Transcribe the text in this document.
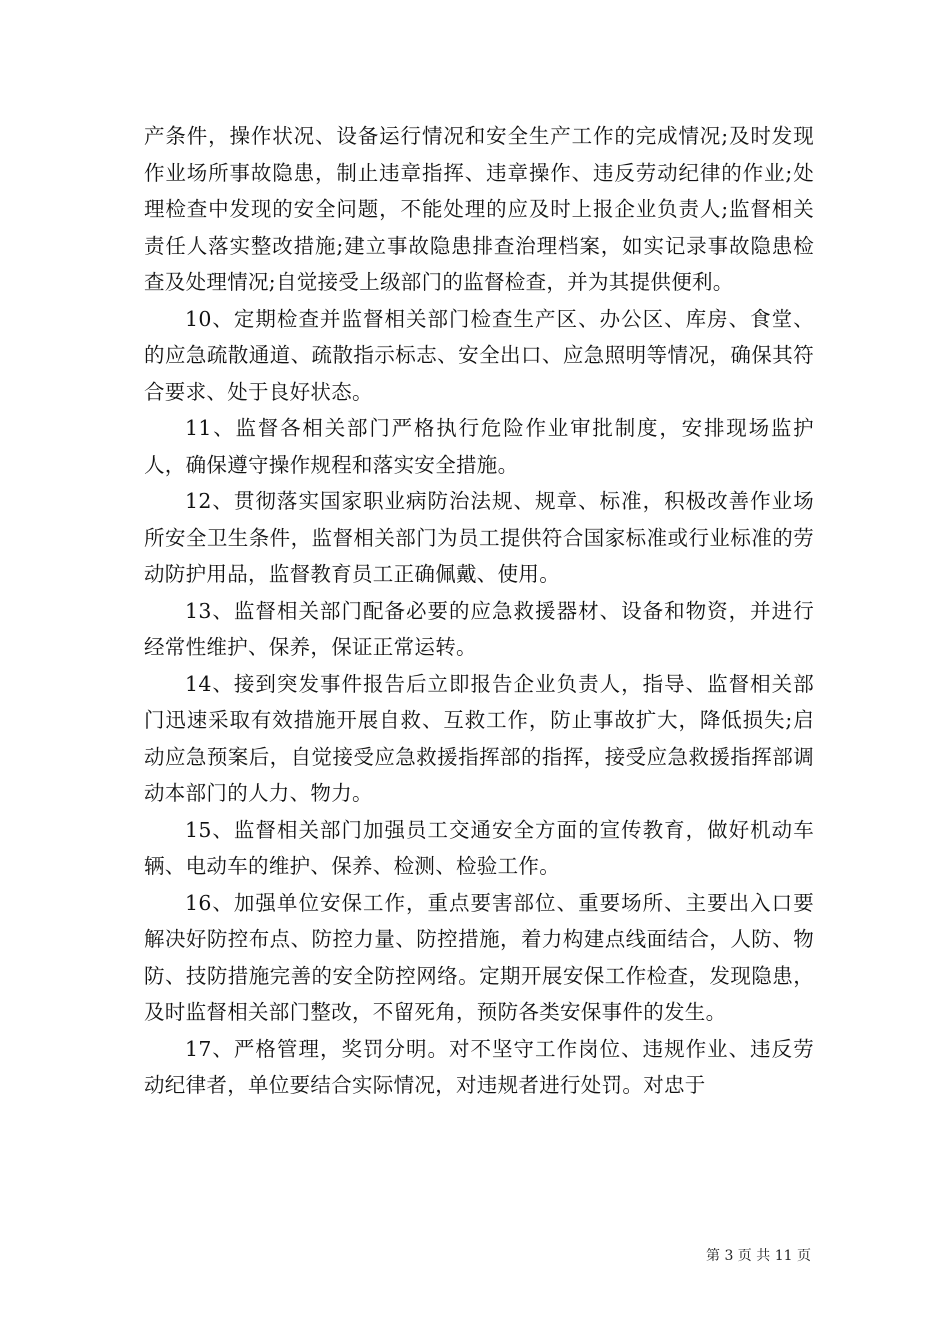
产条件，操作状况、设备运行情况和安全生产工作的完成情况;及时发现作业场所事故隐患，制止违章指挥、违章操作、违反劳动纪律的作业;处理检查中发现的安全问题，不能处理的应及时上报企业负责人;监督相关责任人落实整改措施;建立事故隐患排查治理档案，如实记录事故隐患检查及处理情况;自觉接受上级部门的监督检查，并为其提供便利。

10、定期检查并监督相关部门检查生产区、办公区、库房、食堂、的应急疏散通道、疏散指示标志、安全出口、应急照明等情况，确保其符合要求、处于良好状态。

11、监督各相关部门严格执行危险作业审批制度，安排现场监护人，确保遵守操作规程和落实安全措施。

12、贯彻落实国家职业病防治法规、规章、标准，积极改善作业场所安全卫生条件，监督相关部门为员工提供符合国家标准或行业标准的劳动防护用品，监督教育员工正确佩戴、使用。

13、监督相关部门配备必要的应急救援器材、设备和物资，并进行经常性维护、保养，保证正常运转。

14、接到突发事件报告后立即报告企业负责人，指导、监督相关部门迅速采取有效措施开展自救、互救工作，防止事故扩大，降低损失;启动应急预案后，自觉接受应急救援指挥部的指挥，接受应急救援指挥部调动本部门的人力、物力。

15、监督相关部门加强员工交通安全方面的宣传教育，做好机动车辆、电动车的维护、保养、检测、检验工作。

16、加强单位安保工作，重点要害部位、重要场所、主要出入口要解决好防控布点、防控力量、防控措施，着力构建点线面结合，人防、物防、技防措施完善的安全防控网络。定期开展安保工作检查，发现隐患，及时监督相关部门整改，不留死角，预防各类安保事件的发生。

17、严格管理，奖罚分明。对不坚守工作岗位、违规作业、违反劳动纪律者，单位要结合实际情况，对违规者进行处罚。对忠于

第 3 页 共 11 页
